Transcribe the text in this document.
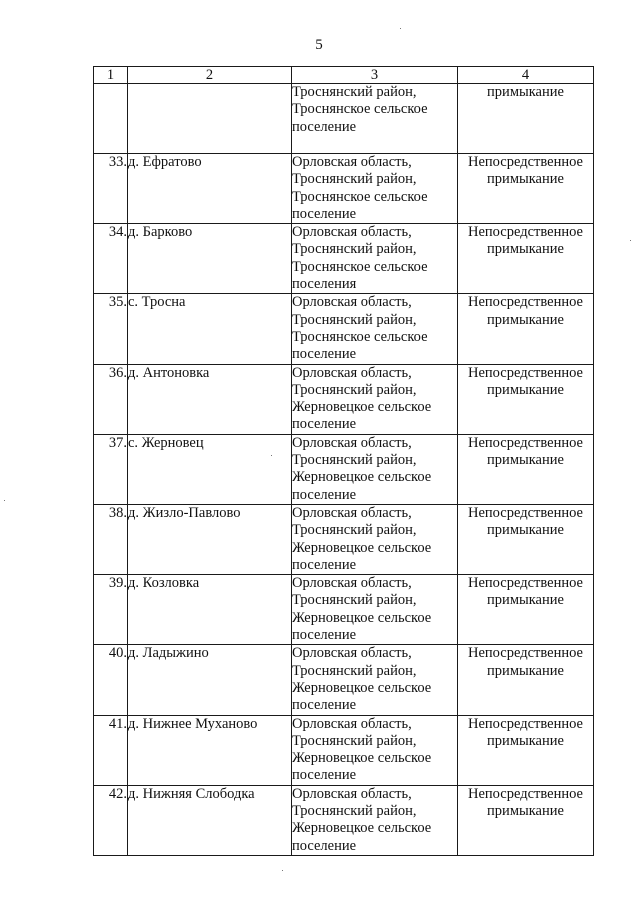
5
1	2	3	4

		Троснянский район,
Троснянское сельское
поселение	примыкание

33.	д. Ефратово	Орловская область,
Троснянский район,
Троснянское сельское
поселение	Непосредственное
примыкание

34.	д. Барково	Орловская область,
Троснянский район,
Троснянское сельское
поселения	Непосредственное
примыкание

35.	с. Тросна	Орловская область,
Троснянский район,
Троснянское сельское
поселение	Непосредственное
примыкание

36.	д. Антоновка	Орловская область,
Троснянский район,
Жерновецкое сельское
поселение	Непосредственное
примыкание

37.	с. Жерновец	Орловская область,
Троснянский район,
Жерновецкое сельское
поселение	Непосредственное
примыкание

38.	д. Жизло-Павлово	Орловская область,
Троснянский район,
Жерновецкое сельское
поселение	Непосредственное
примыкание

39.	д. Козловка	Орловская область,
Троснянский район,
Жерновецкое сельское
поселение	Непосредственное
примыкание

40.	д. Ладыжино	Орловская область,
Троснянский район,
Жерновецкое сельское
поселение	Непосредственное
примыкание

41.	д. Нижнее Муханово	Орловская область,
Троснянский район,
Жерновецкое сельское
поселение	Непосредственное
примыкание

42.	д. Нижняя Слободка	Орловская область,
Троснянский район,
Жерновецкое сельское
поселение	Непосредственное
примыкание
